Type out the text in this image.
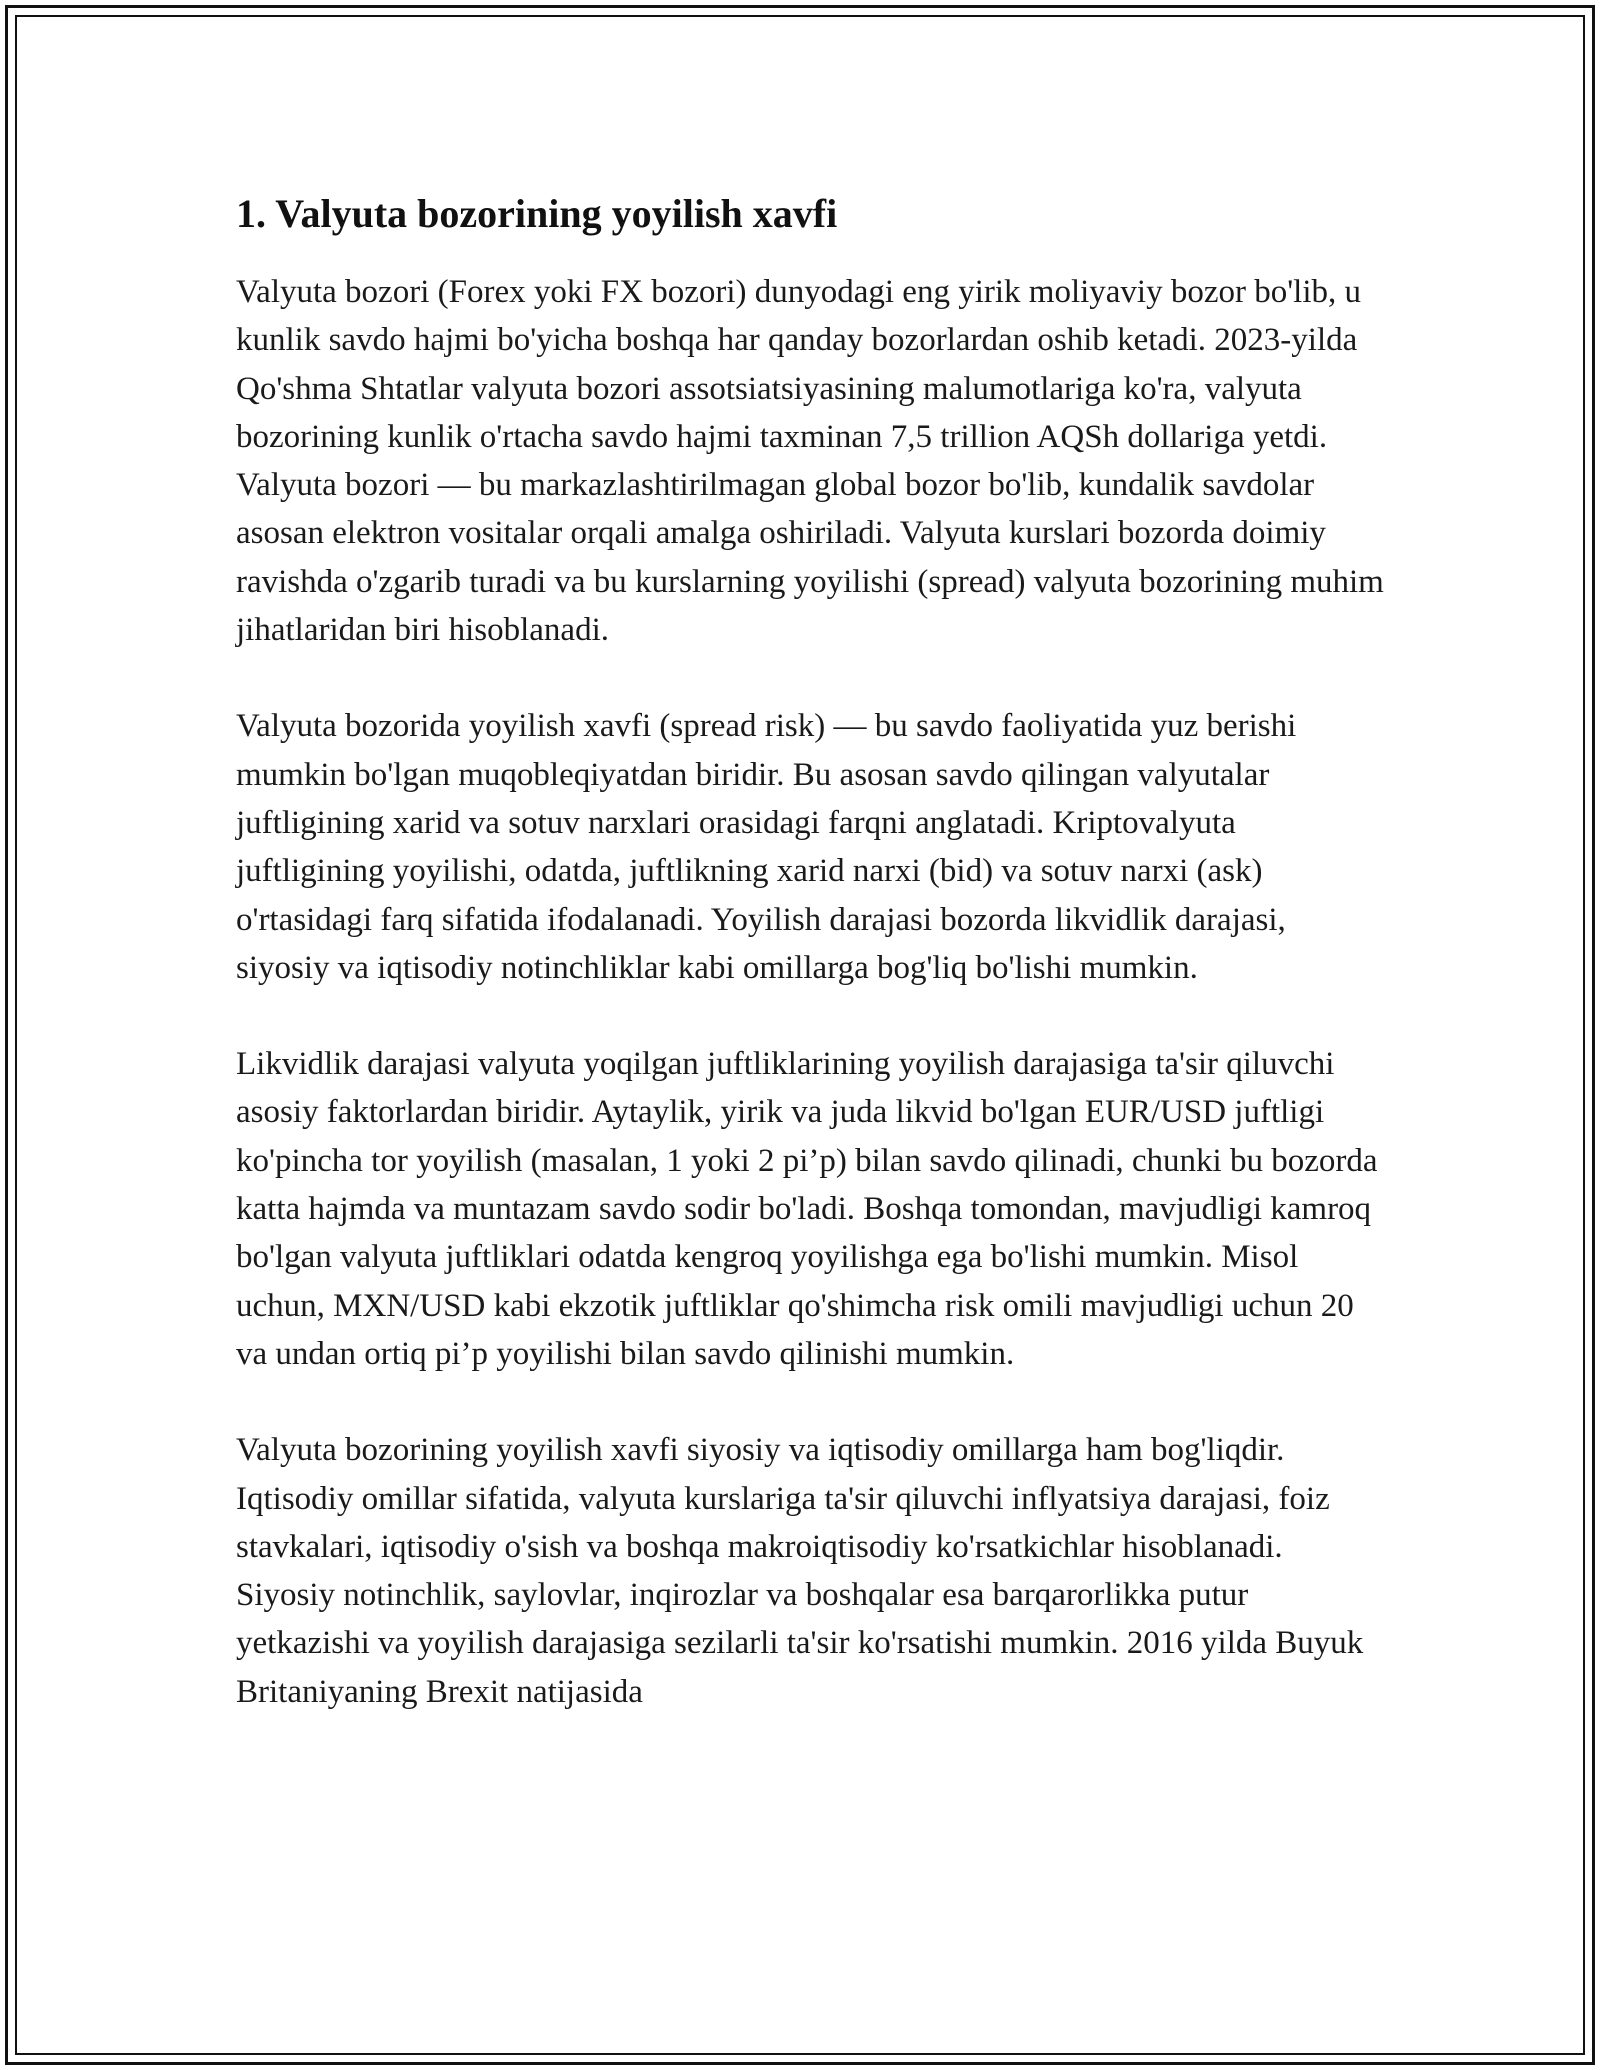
1. Valyuta bozorining yoyilish xavfi

Valyuta bozori (Forex yoki FX bozori) dunyodagi eng yirik moliyaviy bozor bo'lib, u kunlik savdo hajmi bo'yicha boshqa har qanday bozorlardan oshib ketadi. 2023-yilda Qo'shma Shtatlar valyuta bozori assotsiatsiyasining malumotlariga ko'ra, valyuta bozorining kunlik o'rtacha savdo hajmi taxminan 7,5 trillion AQSh dollariga yetdi. Valyuta bozori — bu markazlashtirilmagan global bozor bo'lib, kundalik savdolar asosan elektron vositalar orqali amalga oshiriladi. Valyuta kurslari bozorda doimiy ravishda o'zgarib turadi va bu kurslarning yoyilishi (spread) valyuta bozorining muhim jihatlaridan biri hisoblanadi.

Valyuta bozorida yoyilish xavfi (spread risk) — bu savdo faoliyatida yuz berishi mumkin bo'lgan muqobleqiyatdan biridir. Bu asosan savdo qilingan valyutalar juftligining xarid va sotuv narxlari orasidagi farqni anglatadi. Kriptovalyuta juftligining yoyilishi, odatda, juftlikning xarid narxi (bid) va sotuv narxi (ask) o'rtasidagi farq sifatida ifodalanadi. Yoyilish darajasi bozorda likvidlik darajasi, siyosiy va iqtisodiy notinchliklar kabi omillarga bog'liq bo'lishi mumkin.

Likvidlik darajasi valyuta yoqilgan juftliklarining yoyilish darajasiga ta'sir qiluvchi asosiy faktorlardan biridir. Aytaylik, yirik va juda likvid bo'lgan EUR/USD juftligi ko'pincha tor yoyilish (masalan, 1 yoki 2 pi’p) bilan savdo qilinadi, chunki bu bozorda katta hajmda va muntazam savdo sodir bo'ladi. Boshqa tomondan, mavjudligi kamroq bo'lgan valyuta juftliklari odatda kengroq yoyilishga ega bo'lishi mumkin. Misol uchun, MXN/USD kabi ekzotik juftliklar qo'shimcha risk omili mavjudligi uchun 20 va undan ortiq pi’p yoyilishi bilan savdo qilinishi mumkin.

Valyuta bozorining yoyilish xavfi siyosiy va iqtisodiy omillarga ham bog'liqdir. Iqtisodiy omillar sifatida, valyuta kurslariga ta'sir qiluvchi inflyatsiya darajasi, foiz stavkalari, iqtisodiy o'sish va boshqa makroiqtisodiy ko'rsatkichlar hisoblanadi. Siyosiy notinchlik, saylovlar, inqirozlar va boshqalar esa barqarorlikka putur yetkazishi va yoyilish darajasiga sezilarli ta'sir ko'rsatishi mumkin. 2016 yilda Buyuk Britaniyaning Brexit natijasida
